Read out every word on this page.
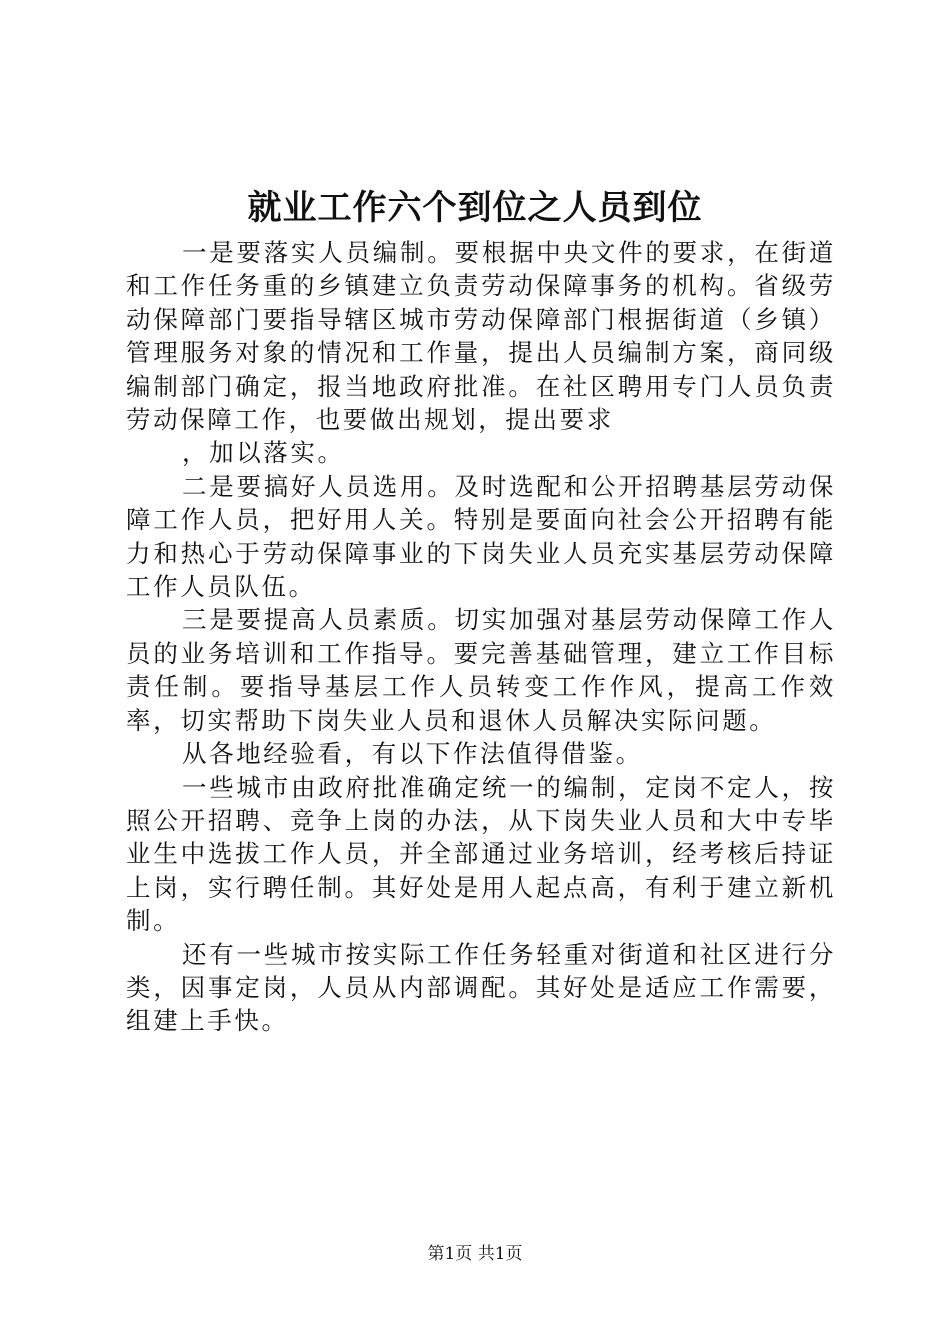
就业工作六个到位之人员到位

一是要落实人员编制。要根据中央文件的要求，在街道和工作任务重的乡镇建立负责劳动保障事务的机构。省级劳动保障部门要指导辖区城市劳动保障部门根据街道（乡镇）管理服务对象的情况和工作量，提出人员编制方案，商同级编制部门确定，报当地政府批准。在社区聘用专门人员负责劳动保障工作，也要做出规划，提出要求

，加以落实。

二是要搞好人员选用。及时选配和公开招聘基层劳动保障工作人员，把好用人关。特别是要面向社会公开招聘有能力和热心于劳动保障事业的下岗失业人员充实基层劳动保障工作人员队伍。

三是要提高人员素质。切实加强对基层劳动保障工作人员的业务培训和工作指导。要完善基础管理，建立工作目标责任制。要指导基层工作人员转变工作作风，提高工作效率，切实帮助下岗失业人员和退休人员解决实际问题。

从各地经验看，有以下作法值得借鉴。

一些城市由政府批准确定统一的编制，定岗不定人，按照公开招聘、竞争上岗的办法，从下岗失业人员和大中专毕业生中选拔工作人员，并全部通过业务培训，经考核后持证上岗，实行聘任制。其好处是用人起点高，有利于建立新机制。

还有一些城市按实际工作任务轻重对街道和社区进行分类，因事定岗，人员从内部调配。其好处是适应工作需要，组建上手快。

第1页 共1页
